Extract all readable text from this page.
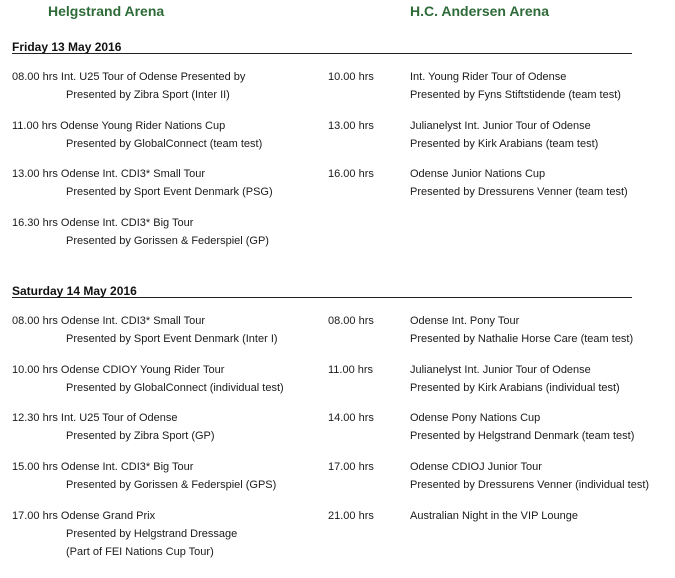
Helgstrand Arena	H.C. Andersen Arena
Friday 13 May 2016
08.00 hrs Int. U25 Tour of Odense Presented by
Presented by Zibra Sport (Inter II)
10.00 hrs	Int. Young Rider Tour of Odense
Presented by Fyns Stiftstidende (team test)
11.00 hrs Odense Young Rider Nations Cup
Presented by GlobalConnect (team test)
13.00 hrs	Julianelyst Int. Junior Tour of Odense
Presented by Kirk Arabians (team test)
13.00 hrs Odense Int. CDI3* Small Tour
Presented by Sport Event Denmark (PSG)
16.00 hrs	Odense Junior Nations Cup
Presented by Dressurens Venner (team test)
16.30 hrs Odense Int. CDI3* Big Tour
Presented by Gorissen & Federspiel (GP)
Saturday 14 May 2016
08.00 hrs Odense Int. CDI3* Small Tour
Presented by Sport Event Denmark (Inter I)
08.00 hrs	Odense Int. Pony Tour
Presented by Nathalie Horse Care (team test)
10.00 hrs Odense CDIOY Young Rider Tour
Presented by GlobalConnect (individual test)
11.00 hrs	Julianelyst Int. Junior Tour of Odense
Presented by Kirk Arabians (individual test)
12.30 hrs Int. U25 Tour of Odense
Presented by Zibra Sport (GP)
14.00 hrs	Odense Pony Nations Cup
Presented by Helgstrand Denmark (team test)
15.00 hrs Odense Int. CDI3* Big Tour
Presented by Gorissen & Federspiel (GPS)
17.00 hrs	Odense CDIOJ Junior Tour
Presented by Dressurens Venner (individual test)
17.00 hrs Odense Grand Prix
Presented by Helgstrand Dressage
(Part of FEI Nations Cup Tour)
21.00 hrs	Australian Night in the VIP Lounge
